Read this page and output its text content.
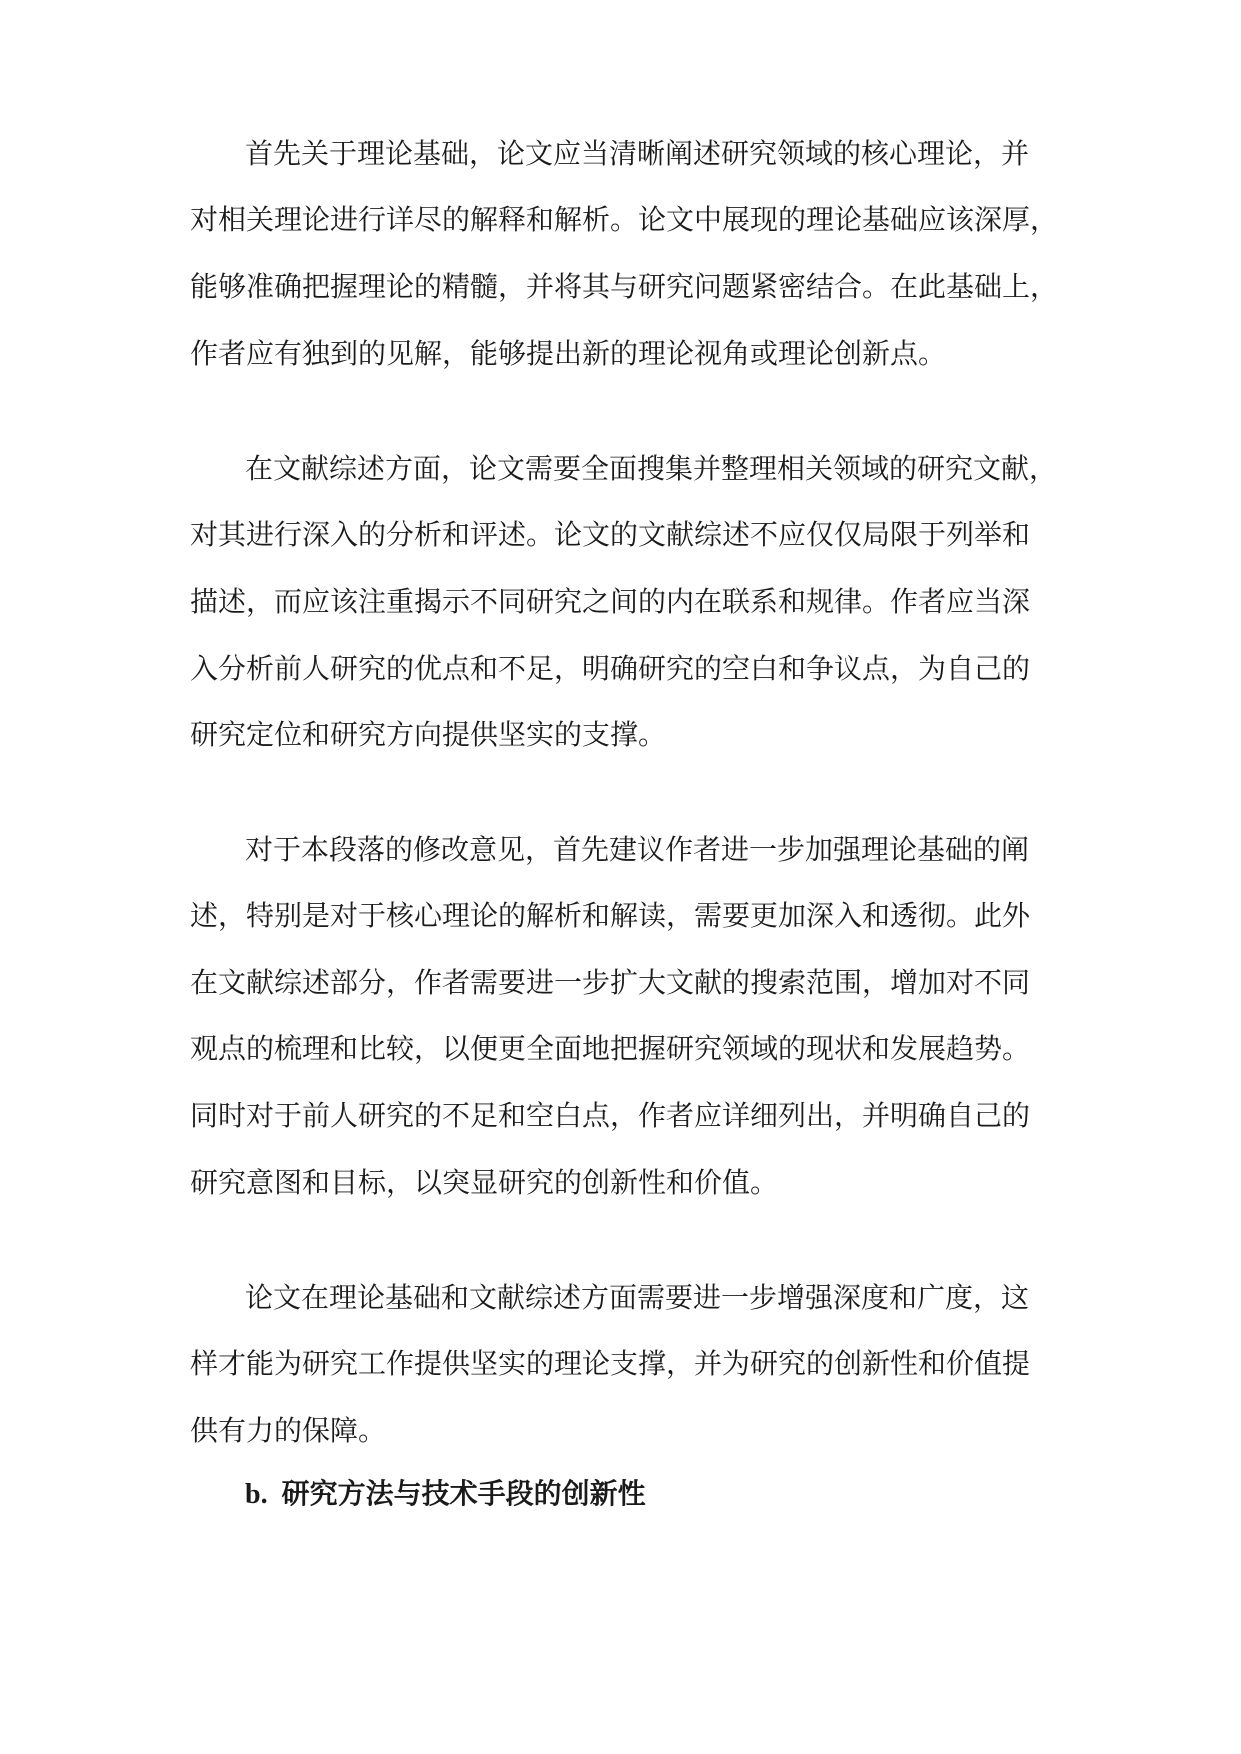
首先关于理论基础，论文应当清晰阐述研究领域的核心理论，并

对相关理论进行详尽的解释和解析。论文中展现的理论基础应该深厚，

能够准确把握理论的精髓，并将其与研究问题紧密结合。在此基础上，

作者应有独到的见解，能够提出新的理论视角或理论创新点。

在文献综述方面，论文需要全面搜集并整理相关领域的研究文献，

对其进行深入的分析和评述。论文的文献综述不应仅仅局限于列举和

描述，而应该注重揭示不同研究之间的内在联系和规律。作者应当深

入分析前人研究的优点和不足，明确研究的空白和争议点，为自己的

研究定位和研究方向提供坚实的支撑。

对于本段落的修改意见，首先建议作者进一步加强理论基础的阐

述，特别是对于核心理论的解析和解读，需要更加深入和透彻。此外

在文献综述部分，作者需要进一步扩大文献的搜索范围，增加对不同

观点的梳理和比较，以便更全面地把握研究领域的现状和发展趋势。

同时对于前人研究的不足和空白点，作者应详细列出，并明确自己的

研究意图和目标，以突显研究的创新性和价值。

论文在理论基础和文献综述方面需要进一步增强深度和广度，这

样才能为研究工作提供坚实的理论支撑，并为研究的创新性和价值提

供有力的保障。

b. 研究方法与技术手段的创新性
